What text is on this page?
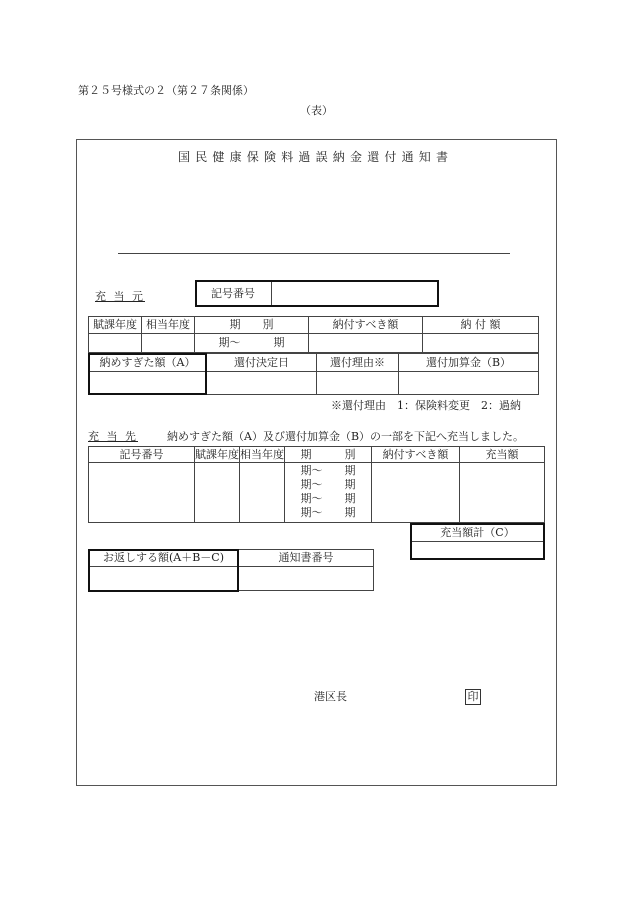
第２５号様式の２（第２７条関係）
（表）
国民健康保険料過誤納金還付通知書
充 当 元	記号番号
賦課年度	相当年度	期　　別	納付すべき額	納 付 額
		期～　　　期		
納めすぎた額（A）	還付決定日	還付理由※	還付加算金（B）

※還付理由　1：保険料変更　2：過納
充 当 先	納めすぎた額（A）及び還付加算金（B）の一部を下記へ充当しました。
記号番号	賦課年度	相当年度	期　　　別	納付すべき額	充当額

			期～　　期
期～　　期
期～　　期
期～　　期		

充当額計（C）
お返しする額(A＋B－C)	通知書番号

港区長	印
